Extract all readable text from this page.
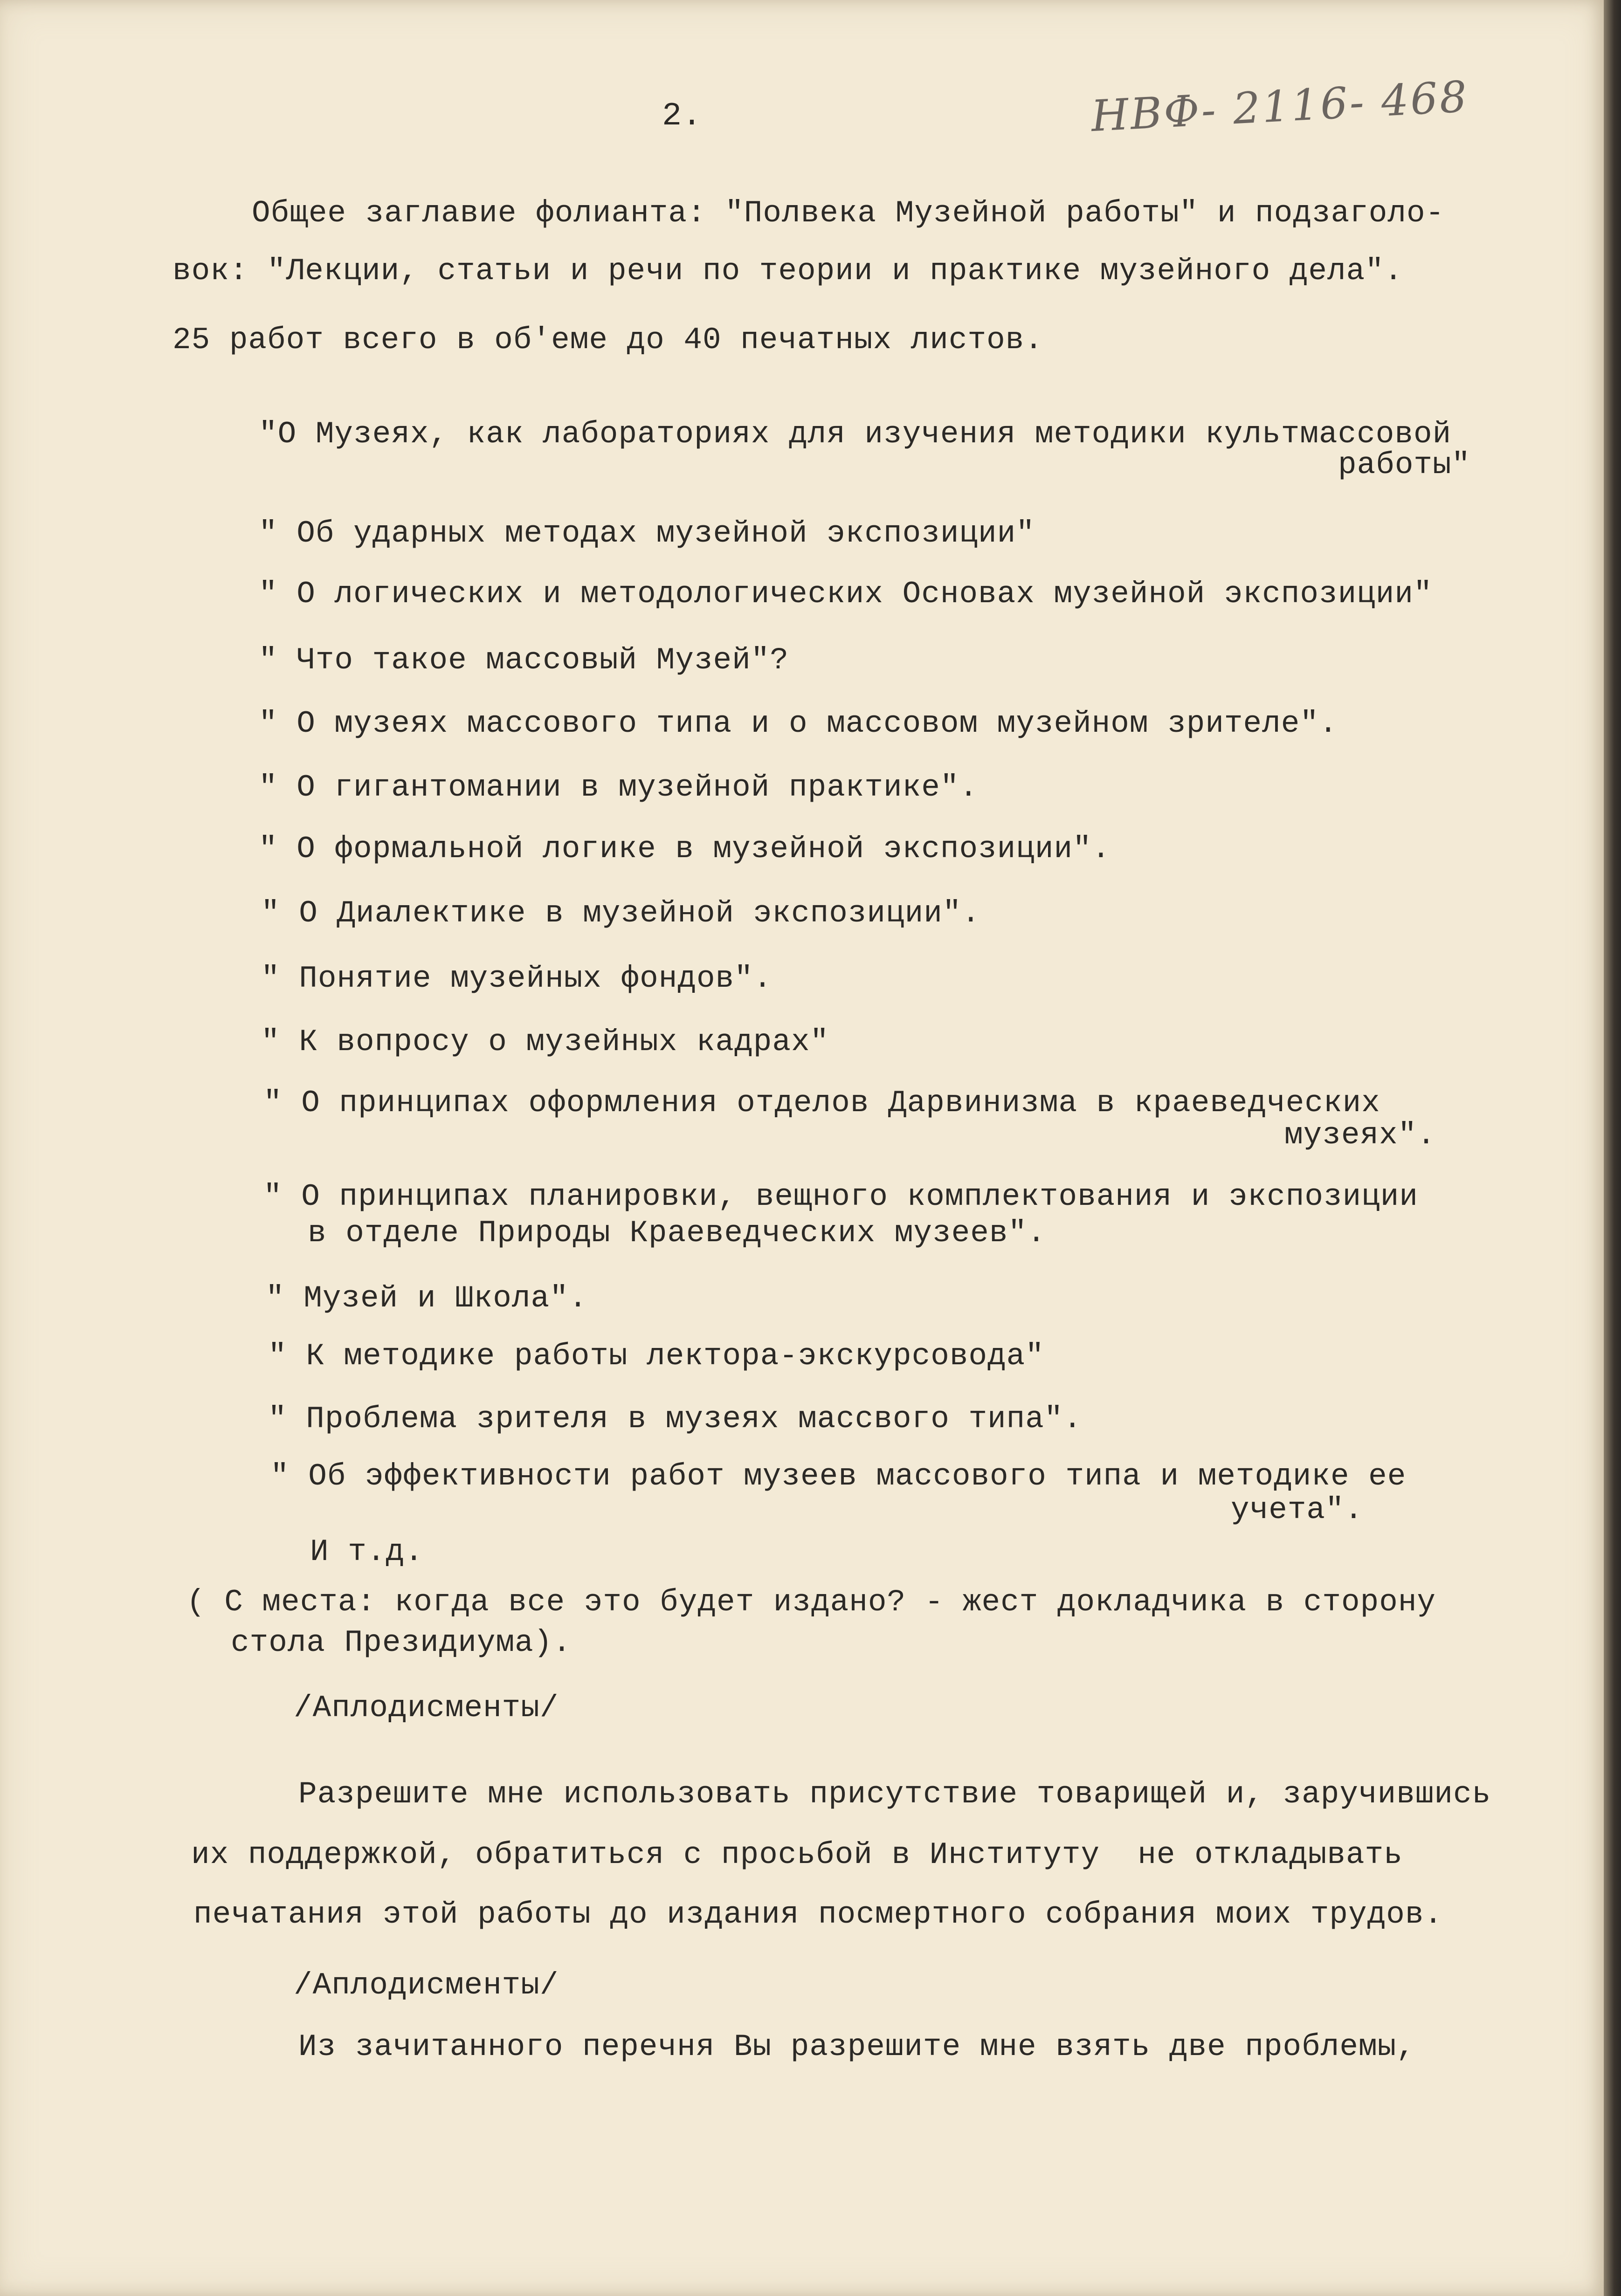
2.	НВФ- 2116- 468
Общее заглавие фолианта: "Полвека Музейной работы" и подзаголо-
вок: "Лекции, статьи и речи по теории и практике музейного дела".
25 работ всего в об'еме до 40 печатных листов.
"О Музеях, как лабораториях для изучения методики культмассовой
работы"
" Об ударных методах музейной экспозиции"
" О логических и методологических Основах музейной экспозиции"
" Что такое массовый Музей"?
" О музеях массового типа и о массовом музейном зрителе".
" О гигантомании в музейной практике".
" О формальной логике в музейной экспозиции".
" О Диалектике в музейной экспозиции".
" Понятие музейных фондов".
" К вопросу о музейных кадрах"
" О принципах оформления отделов Дарвинизма в краеведческих
музеях".
" О принципах планировки, вещного комплектования и экспозиции
в отделе Природы Краеведческих музеев".
" Музей и Школа".
" К методике работы лектора-экскурсовода"
" Проблема зрителя в музеях массвого типа".
" Об эффективности работ музеев массового типа и методике ее
учета".
И т.д.
( С места: когда все это будет издано? - жест докладчика в сторону
стола Президиума).
/Аплодисменты/
Разрешите мне использовать присутствие товарищей и, заручившись
их поддержкой, обратиться с просьбой в Институту  не откладывать
печатания этой работы до издания посмертного собрания моих трудов.
/Аплодисменты/
Из зачитанного перечня Вы разрешите мне взять две проблемы,
